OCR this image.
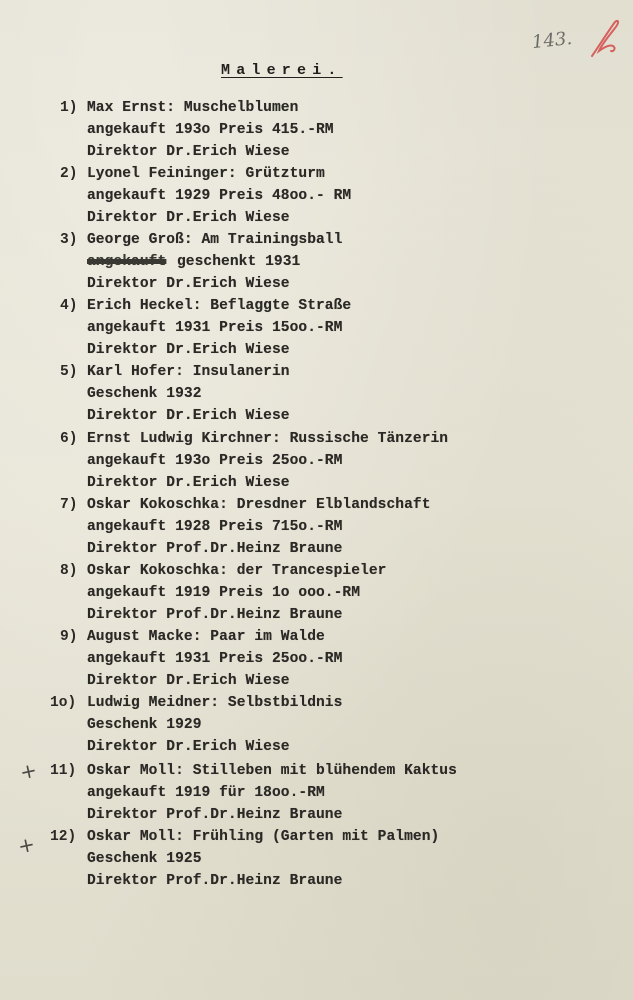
143.
Malerei.
1) Max Ernst: Muschelblumen
angekauft 193o Preis 415.-RM
Direktor Dr.Erich Wiese
2) Lyonel Feininger: Grützturm
angekauft 1929 Preis 48oo.- RM
Direktor Dr.Erich Wiese
3) George Groß: Am Trainingsball
angekauft geschenkt 1931
Direktor Dr.Erich Wiese
4) Erich Heckel: Beflaggte Straße
angekauft 1931 Preis 15oo.-RM
Direktor Dr.Erich Wiese
5) Karl Hofer: Insulanerin
Geschenk 1932
Direktor Dr.Erich Wiese
6) Ernst Ludwig Kirchner: Russische Tänzerin
angekauft 193o Preis 25oo.-RM
Direktor Dr.Erich Wiese
7) Oskar Kokoschka: Dresdner Elblandschaft
angekauft 1928 Preis 715o.-RM
Direktor Prof.Dr.Heinz Braune
8) Oskar Kokoschka: der Trancespieler
angekauft 1919 Preis 1o ooo.-RM
Direktor Prof.Dr.Heinz Braune
9) August Macke: Paar im Walde
angekauft 1931 Preis 25oo.-RM
Direktor Dr.Erich Wiese
1o) Ludwig Meidner: Selbstbildnis
Geschenk 1929
Direktor Dr.Erich Wiese
+ 11) Oskar Moll: Stilleben mit blühendem Kaktus
angekauft 1919 für 18oo.-RM
Direktor Prof.Dr.Heinz Braune
+ 12) Oskar Moll: Frühling (Garten mit Palmen)
Geschenk 1925
Direktor Prof.Dr.Heinz Braune
